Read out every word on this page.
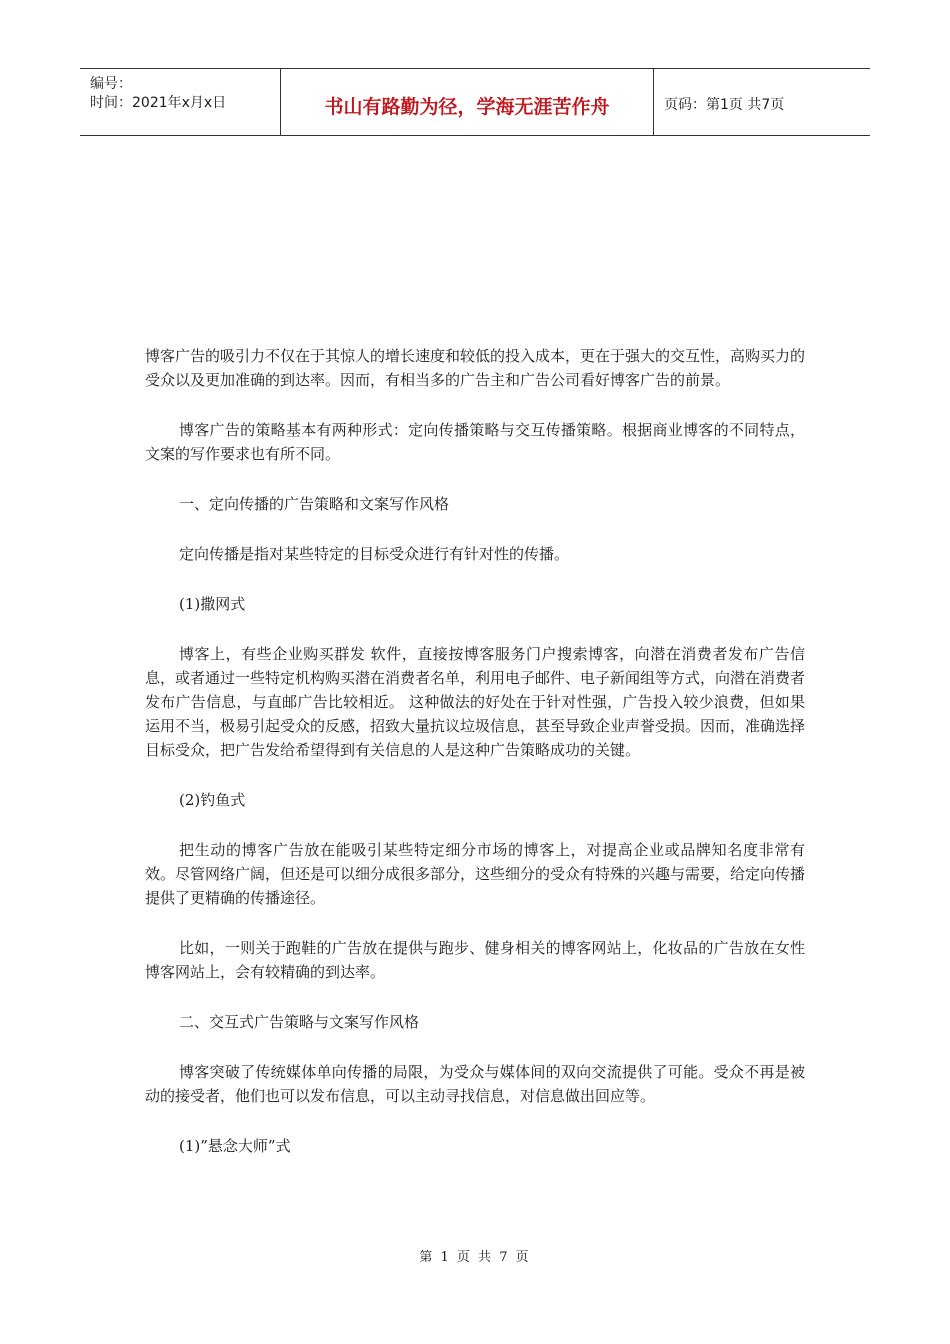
编号：
时间：2021年x月x日	书山有路勤为径，学海无涯苦作舟	页码：第1页 共7页

博客广告的吸引力不仅在于其惊人的增长速度和较低的投入成本，更在于强大的交互性，高购买力的受众以及更加准确的到达率。因而，有相当多的广告主和广告公司看好博客广告的前景。

博客广告的策略基本有两种形式：定向传播策略与交互传播策略。根据商业博客的不同特点，文案的写作要求也有所不同。

一、定向传播的广告策略和文案写作风格

定向传播是指对某些特定的目标受众进行有针对性的传播。

(1)撒网式

博客上，有些企业购买群发 软件，直接按博客服务门户搜索博客，向潜在消费者发布广告信息，或者通过一些特定机构购买潜在消费者名单，利用电子邮件、电子新闻组等方式，向潜在消费者发布广告信息，与直邮广告比较相近。 这种做法的好处在于针对性强，广告投入较少浪费，但如果运用不当，极易引起受众的反感，招致大量抗议垃圾信息，甚至导致企业声誉受损。因而，准确选择目标受众，把广告发给希望得到有关信息的人是这种广告策略成功的关键。

(2)钓鱼式

把生动的博客广告放在能吸引某些特定细分市场的博客上，对提高企业或品牌知名度非常有效。尽管网络广阔，但还是可以细分成很多部分，这些细分的受众有特殊的兴趣与需要，给定向传播提供了更精确的传播途径。

比如，一则关于跑鞋的广告放在提供与跑步、健身相关的博客网站上，化妆品的广告放在女性博客网站上，会有较精确的到达率。

二、交互式广告策略与文案写作风格

博客突破了传统媒体单向传播的局限，为受众与媒体间的双向交流提供了可能。受众不再是被动的接受者，他们也可以发布信息，可以主动寻找信息，对信息做出回应等。

(1)”悬念大师”式

第 1 页 共 7 页
